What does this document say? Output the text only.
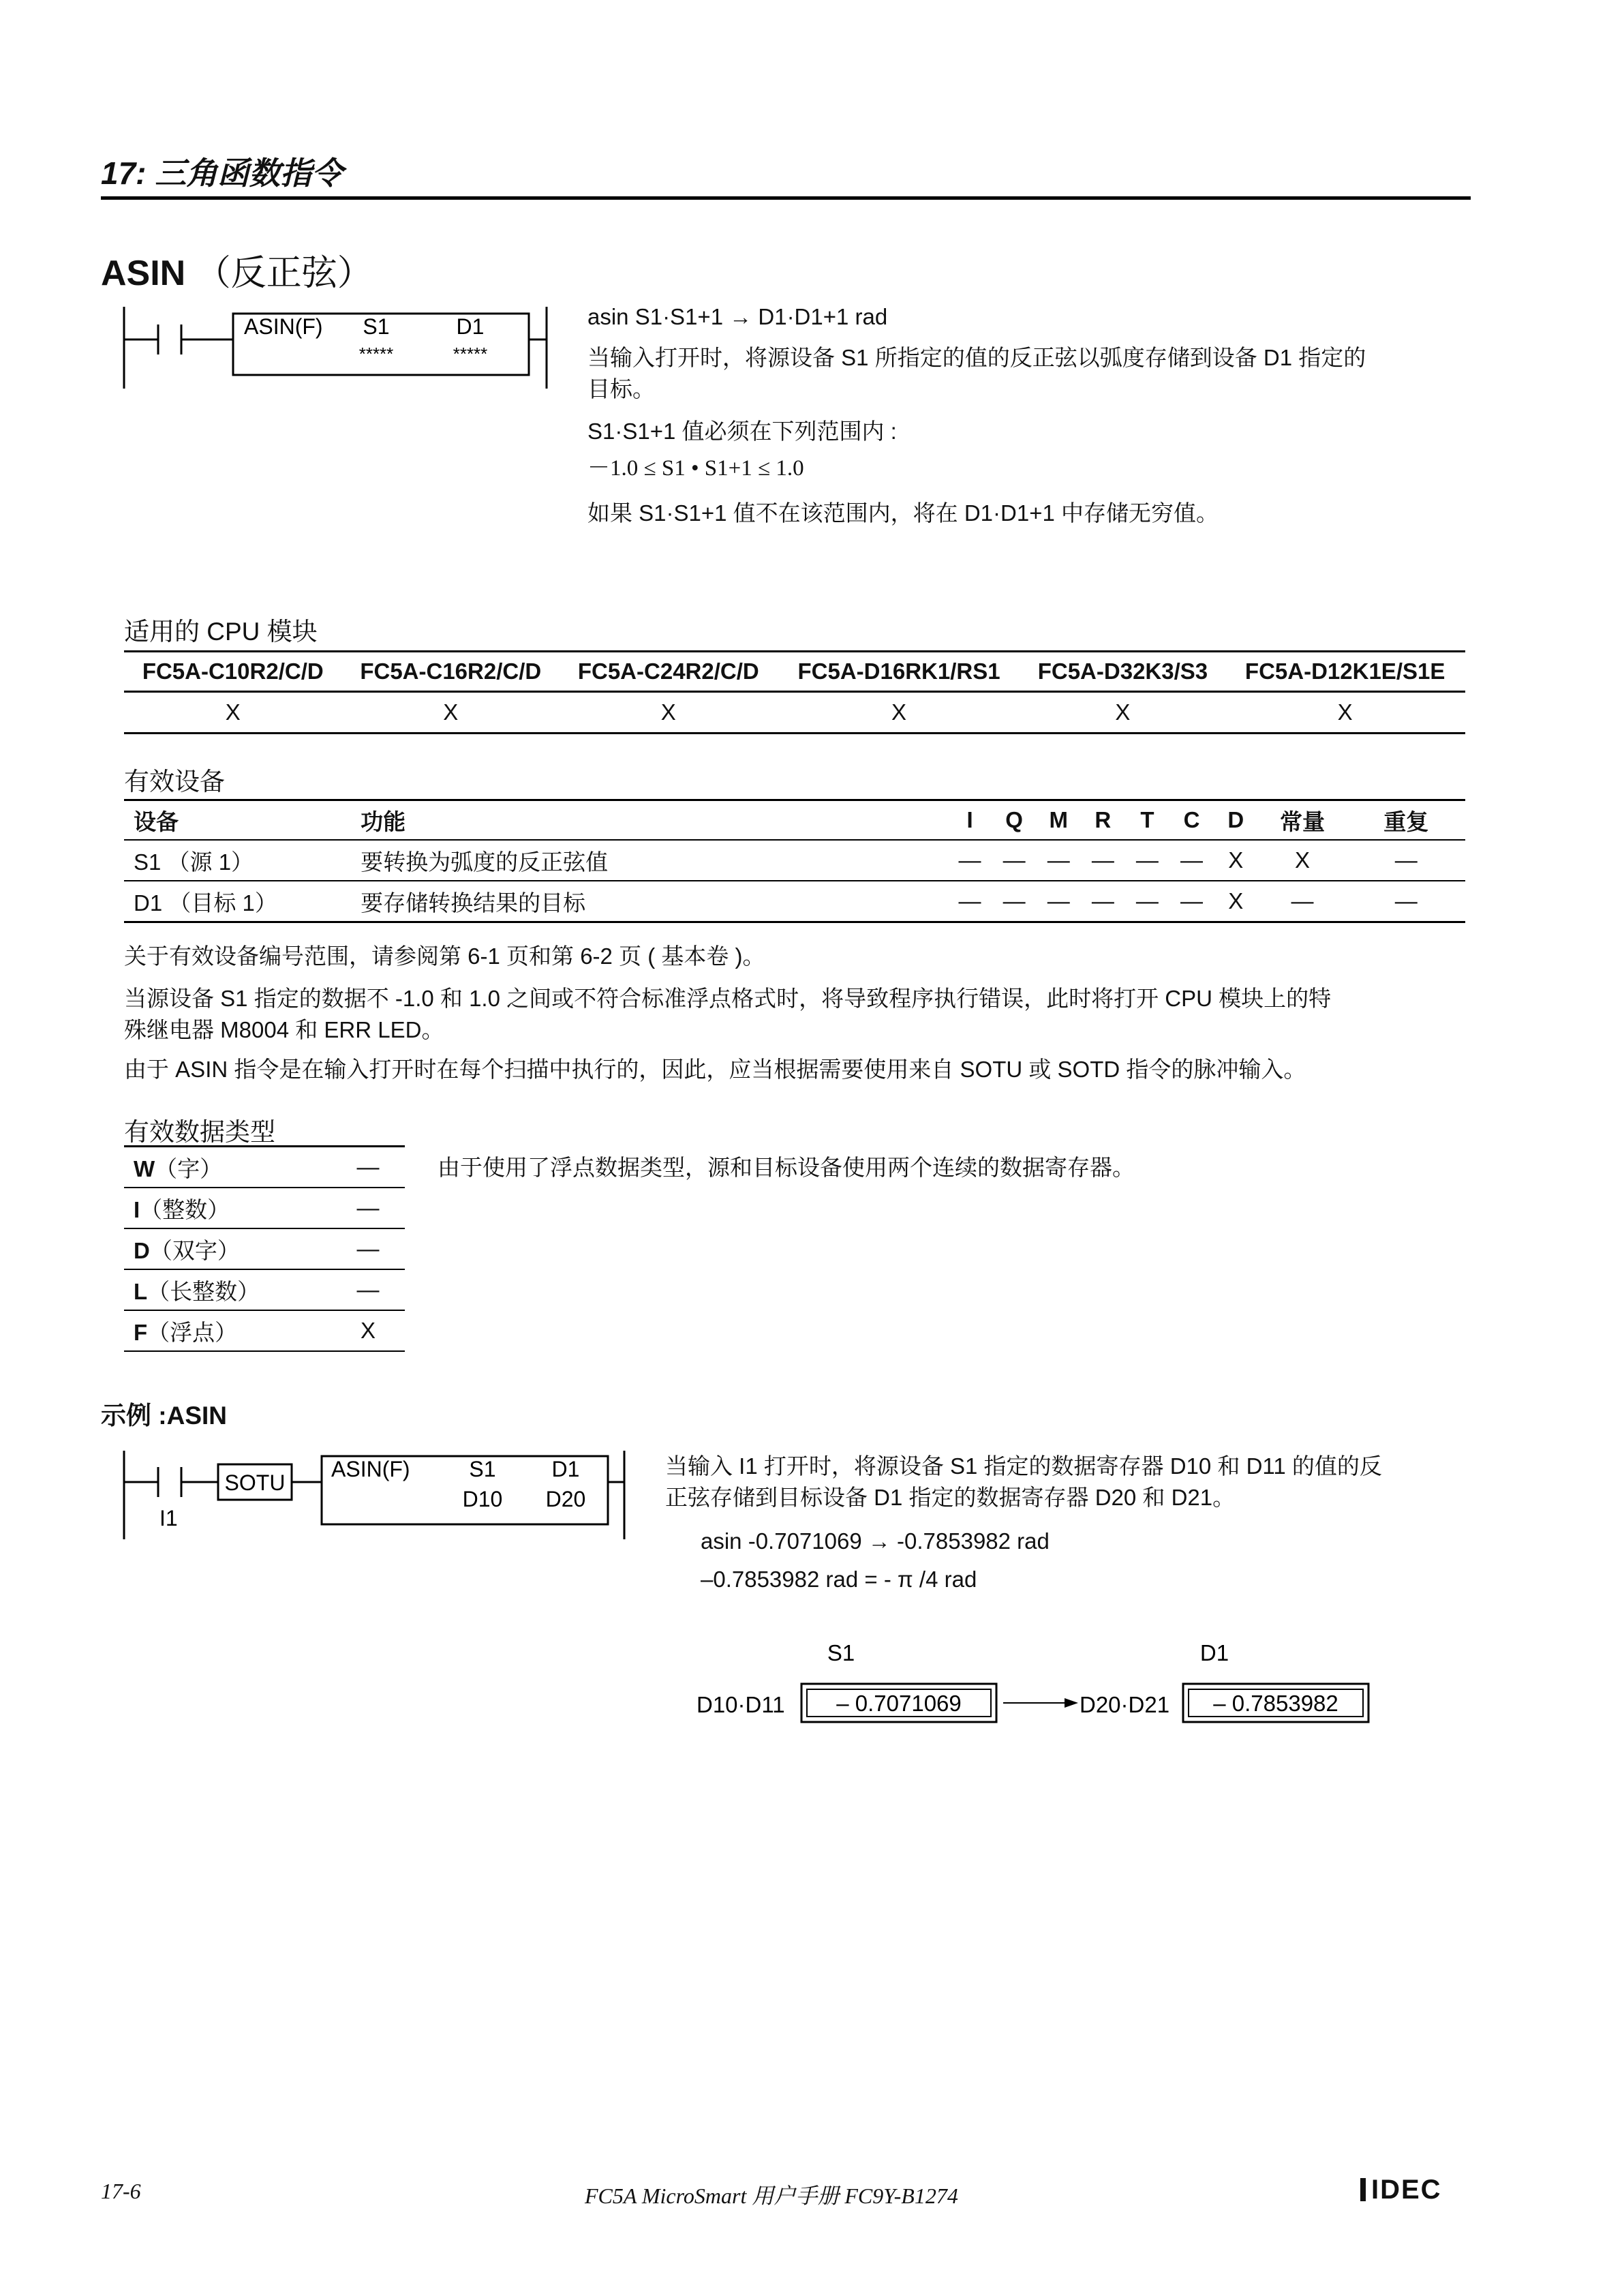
17: 三角函数指令
ASIN （反正弦）
ASIN(F) S1	D1
*****	*****
asin S1·S1+1 → D1·D1+1 rad
当输入打开时，将源设备 S1 所指定的值的反正弦以弧度存储到设备 D1 指定的
目标。
S1·S1+1 值必须在下列范围内 :
－1.0 ≤ S1 • S1+1 ≤ 1.0
如果 S1·S1+1 值不在该范围内，将在 D1·D1+1 中存储无穷值。
适用的 CPU 模块
FC5A-C10R2/C/D	FC5A-C16R2/C/D	FC5A-C24R2/C/D	FC5A-D16RK1/RS1	FC5A-D32K3/S3	FC5A-D12K1E/S1E
X	X	X	X	X	X
有效设备
设备	功能	I	Q	M	R	T	C	D	常量	重复
S1 （源 1）	要转换为弧度的反正弦值	—	—	—	—	—	—	X	X	—
D1 （目标 1）	要存储转换结果的目标	—	—	—	—	—	—	X	—	—
关于有效设备编号范围，请参阅第 6-1 页和第 6-2 页 ( 基本卷 )。
当源设备 S1 指定的数据不 -1.0 和 1.0 之间或不符合标准浮点格式时，将导致程序执行错误，此时将打开 CPU 模块上的特
殊继电器 M8004 和 ERR LED。
由于 ASIN 指令是在输入打开时在每个扫描中执行的，因此，应当根据需要使用来自 SOTU 或 SOTD 指令的脉冲输入。
有效数据类型
W（字）	—
I（整数）	—
D（双字）	—
L（长整数）	—
F（浮点）	X
由于使用了浮点数据类型，源和目标设备使用两个连续的数据寄存器。
示例 :ASIN
I1
SOTU
ASIN(F)	S1	D1
D10 D20
当输入 I1 打开时，将源设备 S1 指定的数据寄存器 D10 和 D11 的值的反
正弦存储到目标设备 D1 指定的数据寄存器 D20 和 D21。
asin -0.7071069 → -0.7853982 rad
–0.7853982 rad = - π /4 rad
S1	D1
D10·D11 – 0.7071069	D20·D21 – 0.7853982
17-6	FC5A MicroSmart 用户手册 FC9Y-B1274	IDEC
